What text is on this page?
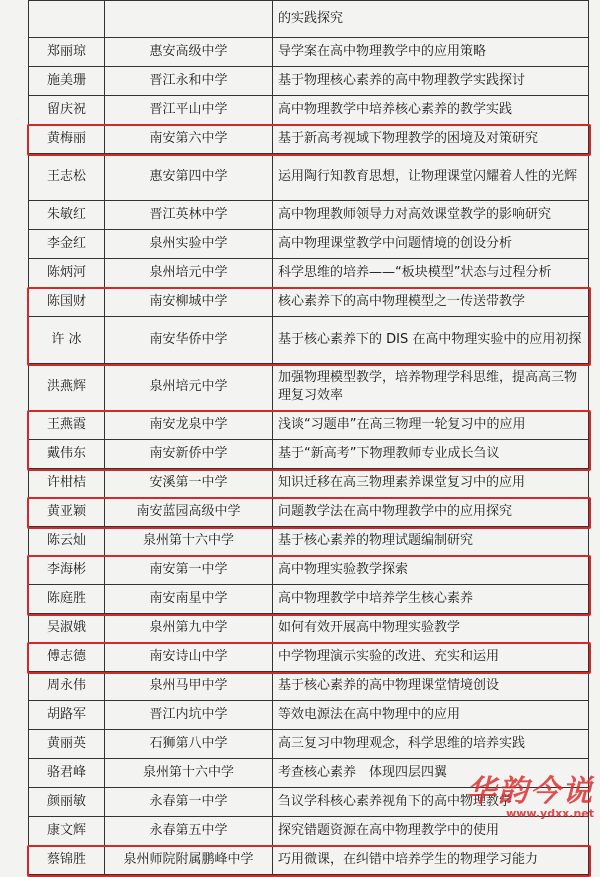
		的实践探究
郑丽琼	惠安高级中学	导学案在高中物理教学中的应用策略
施美珊	晋江永和中学	基于物理核心素养的高中物理教学实践探讨
留庆祝	晋江平山中学	高中物理教学中培养核心素养的教学实践
黄梅丽	南安第六中学	基于新高考视域下物理教学的困境及对策研究
王志松	惠安第四中学	运用陶行知教育思想，让物理课堂闪耀着人性的光辉
朱敏红	晋江英林中学	高中物理教师领导力对高效课堂教学的影响研究
李金红	泉州实验中学	高中物理课堂教学中问题情境的创设分析
陈炳河	泉州培元中学	科学思维的培养——“板块模型”状态与过程分析
陈国财	南安柳城中学	核心素养下的高中物理模型之一传送带教学
许 冰	南安华侨中学	基于核心素养下的 DIS 在高中物理实验中的应用初探
洪燕辉	泉州培元中学	加强物理模型教学，培养物理学科思维，提高高三物理复习效率
王燕霞	南安龙泉中学	浅谈“习题串”在高三物理一轮复习中的应用
戴伟东	南安新侨中学	基于“新高考”下物理教师专业成长刍议
许柑桔	安溪第一中学	知识迁移在高三物理素养课堂复习中的应用
黄亚颖	南安蓝园高级中学	问题教学法在高中物理教学中的应用探究
陈云灿	泉州第十六中学	基于核心素养的物理试题编制研究
李海彬	南安第一中学	高中物理实验教学探索
陈庭胜	南安南星中学	高中物理教学中培养学生核心素养
吴淑娥	泉州第九中学	如何有效开展高中物理实验教学
傅志德	南安诗山中学	中学物理演示实验的改进、充实和运用
周永伟	泉州马甲中学	基于核心素养的高中物理课堂情境创设
胡路军	晋江内坑中学	等效电源法在高中物理中的应用
黄丽英	石狮第八中学	高三复习中物理观念，科学思维的培养实践
骆君峰	泉州第十六中学	考查核心素养　体现四层四翼
颜丽敏	永春第一中学	刍议学科核心素养视角下的高中物理教学
康文辉	永春第五中学	探究错题资源在高中物理教学中的使用
蔡锦胜	泉州师院附属鹏峰中学	巧用微课，在纠错中培养学生的物理学习能力
华韵今说
www.ydxx.net
